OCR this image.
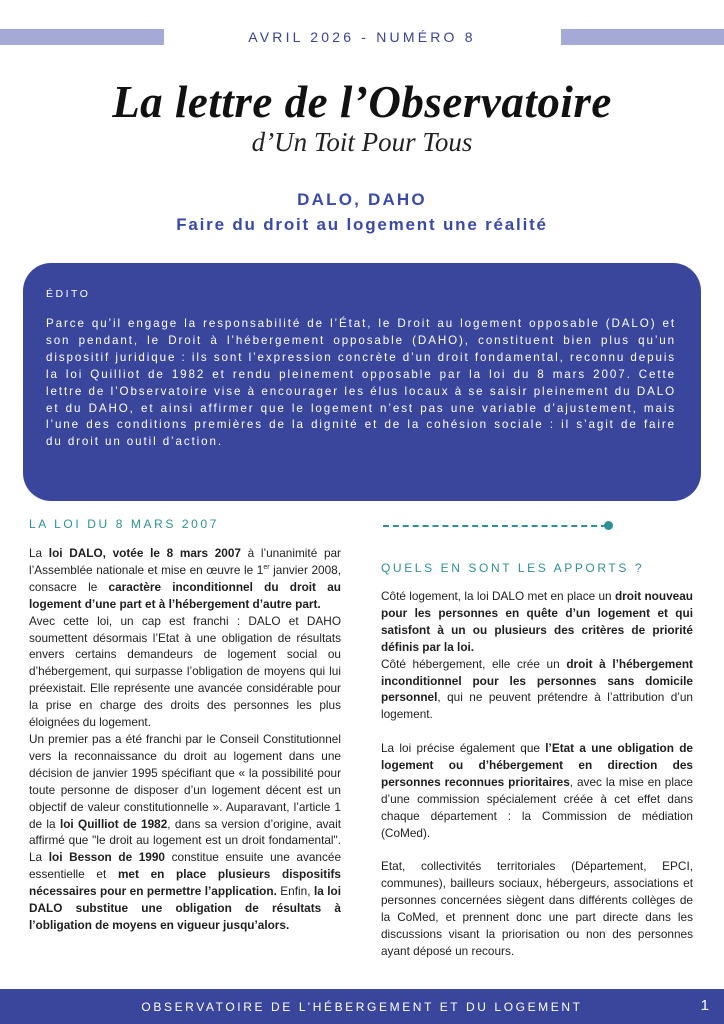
AVRIL 2026 - NUMÉRO 8
La lettre de l’Observatoire
d’Un Toit Pour Tous
DALO, DAHO
Faire du droit au logement une réalité
ÉDITO
Parce qu’il engage la responsabilité de l’État, le Droit au logement opposable (DALO) et son pendant, le Droit à l’hébergement opposable (DAHO), constituent bien plus qu’un dispositif juridique : ils sont l’expression concrète d’un droit fondamental, reconnu depuis la loi Quilliot de 1982 et rendu pleinement opposable par la loi du 8 mars 2007. Cette lettre de l’Observatoire vise à encourager les élus locaux à se saisir pleinement du DALO et du DAHO, et ainsi affirmer que le logement n’est pas une variable d’ajustement, mais l’une des conditions premières de la dignité et de la cohésion sociale : il s’agit de faire du droit un outil d’action.
LA LOI DU 8 MARS 2007

La loi DALO, votée le 8 mars 2007 à l’unanimité par l’Assemblée nationale et mise en œuvre le 1er janvier 2008, consacre le caractère inconditionnel du droit au logement d’une part et à l’hébergement d’autre part.

Avec cette loi, un cap est franchi : DALO et DAHO soumettent désormais l’Etat à une obligation de résultats envers certains demandeurs de logement social ou d’hébergement, qui surpasse l’obligation de moyens qui lui préexistait. Elle représente une avancée considérable pour la prise en charge des droits des personnes les plus éloignées du logement.

Un premier pas a été franchi par le Conseil Constitutionnel vers la reconnaissance du droit au logement dans une décision de janvier 1995 spécifiant que « la possibilité pour toute personne de disposer d’un logement décent est un objectif de valeur constitutionnelle ». Auparavant, l’article 1 de la loi Quilliot de 1982, dans sa version d’origine, avait affirmé que "le droit au logement est un droit fondamental". La loi Besson de 1990 constitue ensuite une avancée essentielle et met en place plusieurs dispositifs nécessaires pour en permettre l’application. Enfin, la loi DALO substitue une obligation de résultats à l’obligation de moyens en vigueur jusqu’alors.

QUELS EN SONT LES APPORTS ?

Côté logement, la loi DALO met en place un droit nouveau pour les personnes en quête d’un logement et qui satisfont à un ou plusieurs des critères de priorité définis par la loi.

Côté hébergement, elle crée un droit à l’hébergement inconditionnel pour les personnes sans domicile personnel, qui ne peuvent prétendre à l’attribution d’un logement.

La loi précise également que l’Etat a une obligation de logement ou d’hébergement en direction des personnes reconnues prioritaires, avec la mise en place d’une commission spécialement créée à cet effet dans chaque département : la Commission de médiation (CoMed).

Etat, collectivités territoriales (Département, EPCI, communes), bailleurs sociaux, hébergeurs, associations et personnes concernées siègent dans différents collèges de la CoMed, et prennent donc une part directe dans les discussions visant la priorisation ou non des personnes ayant déposé un recours.

OBSERVATOIRE DE L’HÉBERGEMENT ET DU LOGEMENT	1
